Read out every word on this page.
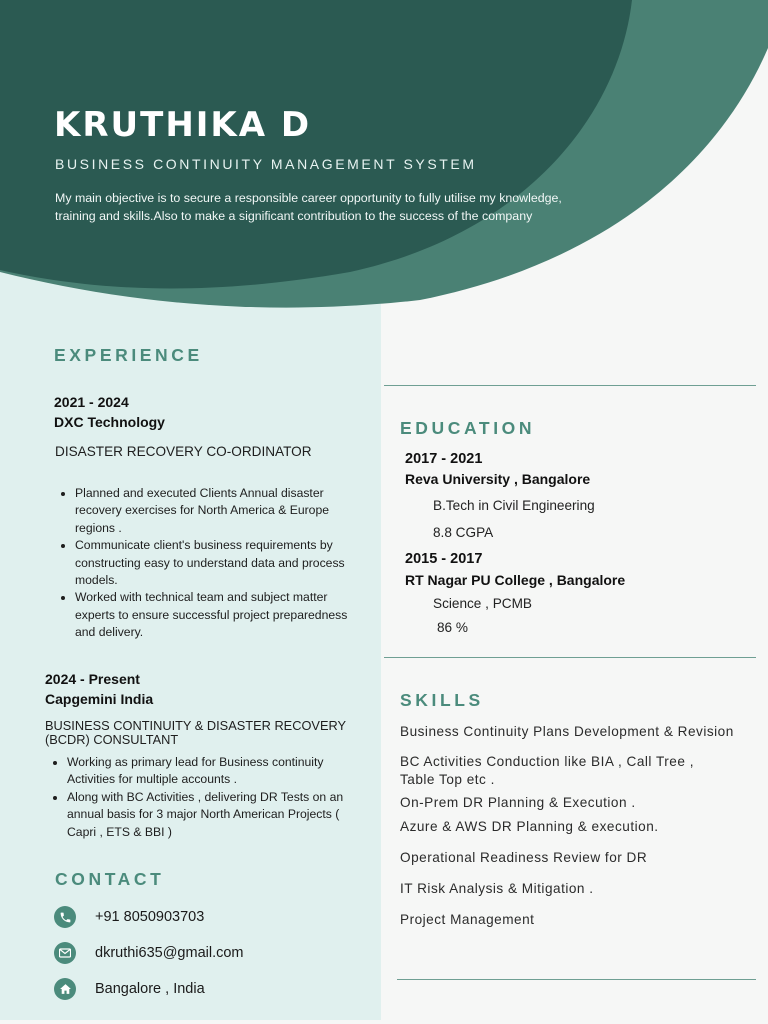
KRUTHIKA D

BUSINESS CONTINUITY MANAGEMENT SYSTEM

My main objective is to secure a responsible career opportunity to fully utilise my knowledge, training and skills.Also to make a significant contribution to the success of the company

EXPERIENCE

2021 - 2024

DXC Technology

DISASTER RECOVERY CO-ORDINATOR

• Planned and executed Clients Annual disaster recovery exercises for North America & Europe regions .
• Communicate client's business requirements by constructing easy to understand data and process models.
• Worked with technical team and subject matter experts to ensure successful project preparedness and delivery.

2024 - Present

Capgemini India

BUSINESS CONTINUITY & DISASTER RECOVERY (BCDR) CONSULTANT

• Working as primary lead for Business continuity Activities for multiple accounts .
• Along with BC Activities , delivering DR Tests on an annual basis for 3 major North American Projects ( Capri , ETS & BBI )
CONTACT
+91 8050903703
dkruthi635@gmail.com
Bangalore , India
EDUCATION

2017 - 2021

Reva University , Bangalore

B.Tech in Civil Engineering

8.8 CGPA

2015 - 2017

RT Nagar PU College , Bangalore

Science , PCMB

86 %

SKILLS

Business Continuity Plans Development & Revision

BC Activities Conduction like BIA , Call Tree , Table Top etc .

On-Prem DR Planning & Execution .

Azure & AWS DR Planning & execution.

Operational Readiness Review for DR

IT Risk Analysis & Mitigation .

Project Management
